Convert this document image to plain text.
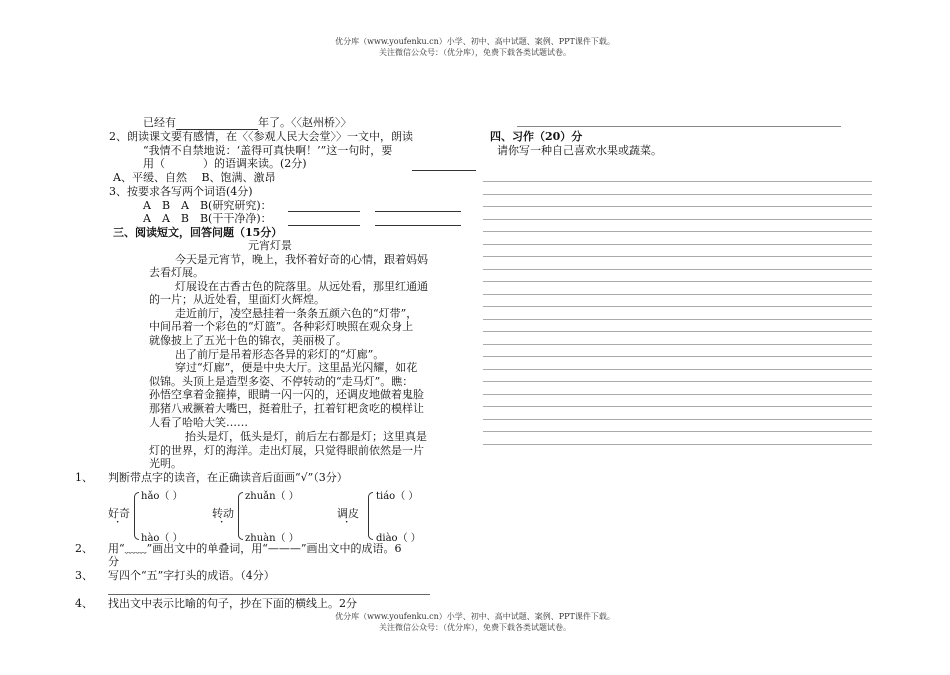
优分库（www.youfenku.cn）小学、初中、高中试题、案例、PPT课件下载。
关注微信公众号：（优分库），免费下载各类试题试卷。
已经有	年了。〈〈赵州桥〉〉
2、朗读课文要有感情，在〈〈参观人民大会堂〉〉一文中，朗读
“我情不自禁地说：‘盖得可真快啊！’”这一句时，要
用（	）的语调来读。(2分)
A、平缓、自然　 B、饱满、激昂
3、按要求各写两个词语(4分)
A　B　A　B(研究研究)：
A　A　B　B(干干净净)：
三、阅读短文，回答问题（15分）
元宵灯景
今天是元宵节，晚上，我怀着好奇的心情，跟着妈妈
去看灯展。
灯展设在古香古色的院落里。从远处看，那里红通通
的一片；从近处看，里面灯火辉煌。
走近前厅，凌空悬挂着一条条五颜六色的“灯带”，
中间吊着一个彩色的“灯篮”。各种彩灯映照在观众身上
就像披上了五光十色的锦衣，美丽极了。
出了前厅是吊着形态各异的彩灯的“灯廊”。
穿过“灯廊”，便是中央大厅。这里晶光闪耀，如花
似锦。头顶上是造型多姿、不停转动的“走马灯”。瞧：
孙悟空拿着金箍捧，眼睛一闪一闪的，还调皮地做着鬼脸
那猪八戒撅着大嘴巴，挺着肚子，扛着钉耙贪吃的模样让
人看了哈哈大笑……
抬头是灯，低头是灯，前后左右都是灯；这里真是
灯的世界，灯的海洋。走出灯展，只觉得眼前依然是一片
光明。
1、 判断带点字的读音，在正确读音后面画“√”（3分）
hǎo（ ）
hào（ ）
好奇
zhuǎn（ ）
zhuàn（ ）
转动
tiáo（ ）
diào（ ）
调皮
2、 用“﹏﹏”画出文中的单叠词，用“———”画出文中的成语。6
分
3、 写四个“五”字打头的成语。（4分）
4、 找出文中表示比喻的句子，抄在下面的横线上。2分
四、习作（20）分
请你写一种自己喜欢水果或蔬菜。
优分库（www.youfenku.cn）小学、初中、高中试题、案例、PPT课件下载。
关注微信公众号：（优分库），免费下载各类试题试卷。
